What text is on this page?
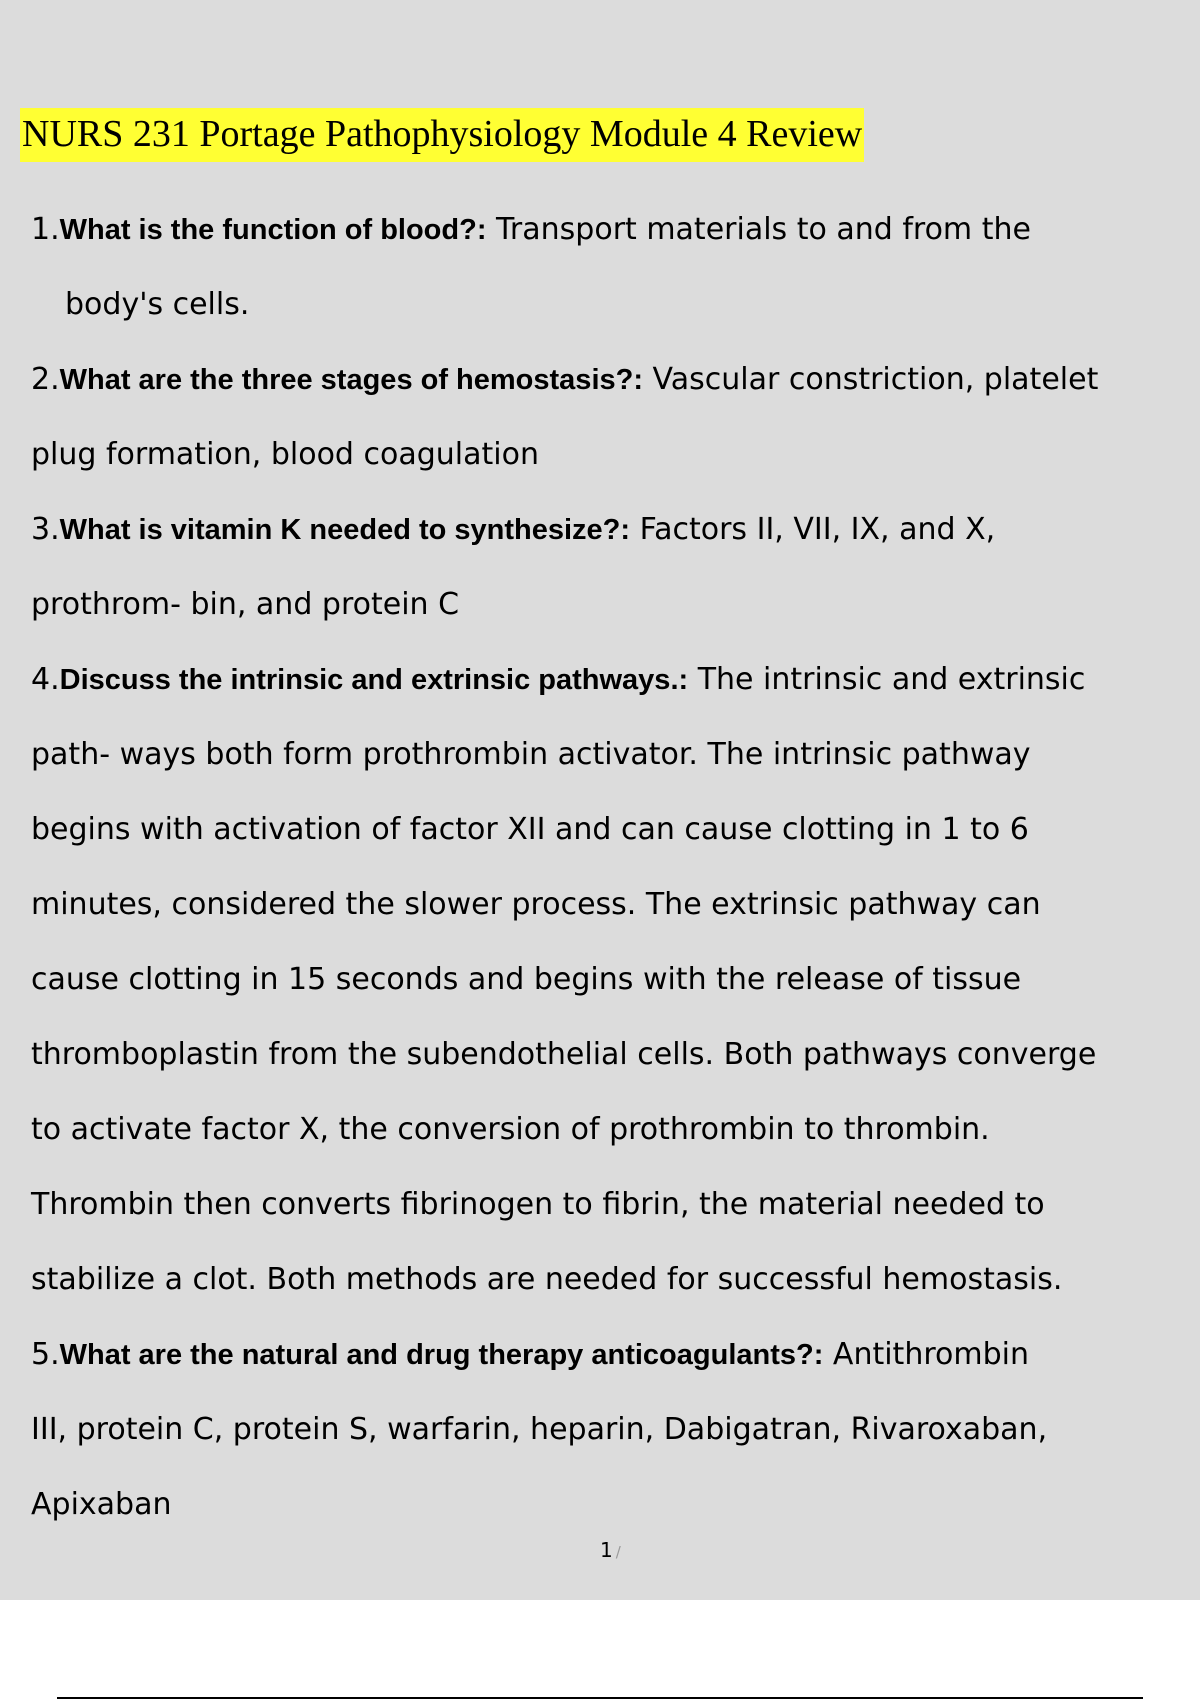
NURS 231 Portage Pathophysiology Module 4 Review
1.What is the function of blood?: Transport materials to and from the
body's cells.
2.What are the three stages of hemostasis?: Vascular constriction, platelet
plug formation, blood coagulation
3.What is vitamin K needed to synthesize?: Factors II, VII, IX, and X,
prothrom- bin, and protein C
4.Discuss the intrinsic and extrinsic pathways.: The intrinsic and extrinsic
path- ways both form prothrombin activator. The intrinsic pathway
begins with activation of factor XII and can cause clotting in 1 to 6
minutes, considered the slower process. The extrinsic pathway can
cause clotting in 15 seconds and begins with the release of tissue
thromboplastin from the subendothelial cells. Both pathways converge
to activate factor X, the conversion of prothrombin to thrombin.
Thrombin then converts fibrinogen to fibrin, the material needed to
stabilize a clot. Both methods are needed for successful hemostasis.
5.What are the natural and drug therapy anticoagulants?: Antithrombin
III, protein C, protein S, warfarin, heparin, Dabigatran, Rivaroxaban,
Apixaban
1 /
